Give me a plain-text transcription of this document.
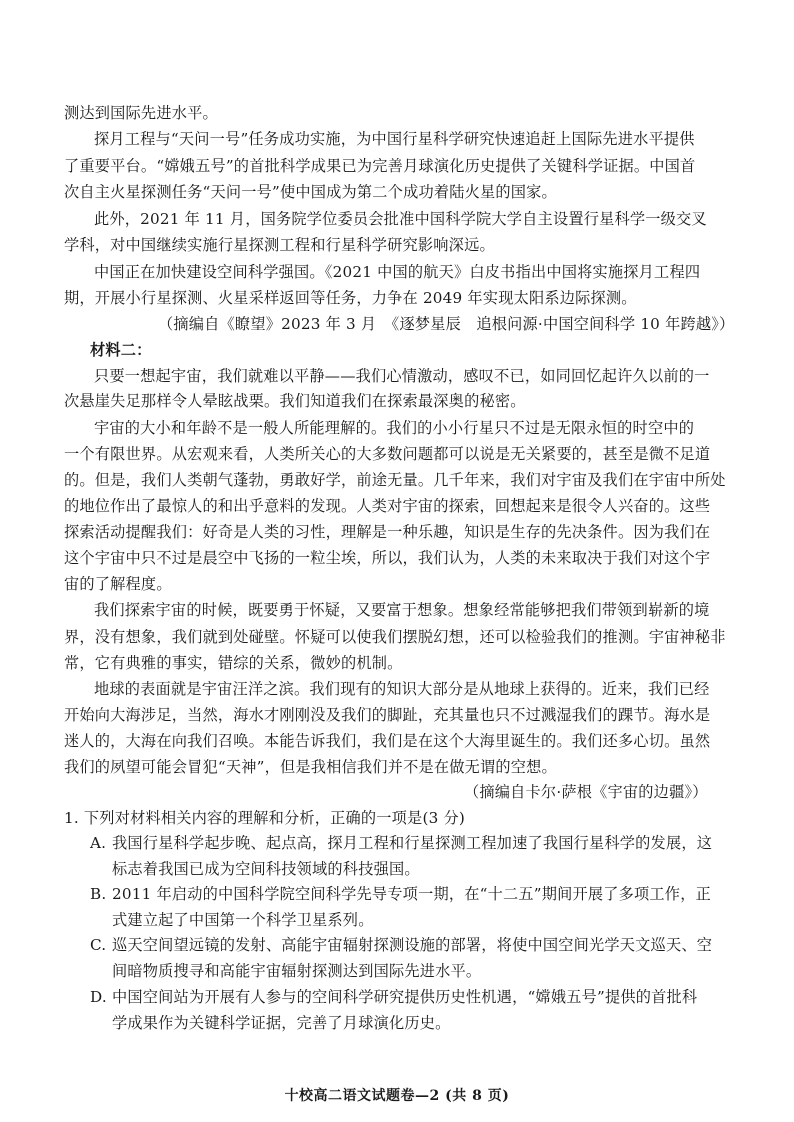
测达到国际先进水平。
探月工程与“天问一号”任务成功实施，为中国行星科学研究快速追赶上国际先进水平提供
了重要平台。“嫦娥五号”的首批科学成果已为完善月球演化历史提供了关键科学证据。中国首
次自主火星探测任务“天问一号”使中国成为第二个成功着陆火星的国家。
此外，2021 年 11 月，国务院学位委员会批准中国科学院大学自主设置行星科学一级交叉
学科，对中国继续实施行星探测工程和行星科学研究影响深远。
中国正在加快建设空间科学强国。《2021 中国的航天》白皮书指出中国将实施探月工程四
期，开展小行星探测、火星采样返回等任务，力争在 2049 年实现太阳系边际探测。
（摘编自《瞭望》2023 年 3 月　《逐梦星辰　追根问源·中国空间科学 10 年跨越》）
材料二：
只要一想起宇宙，我们就难以平静——我们心情激动，感叹不已，如同回忆起许久以前的一
次悬崖失足那样令人晕眩战栗。我们知道我们在探索最深奥的秘密。
宇宙的大小和年龄不是一般人所能理解的。我们的小小行星只不过是无限永恒的时空中的
一个有限世界。从宏观来看，人类所关心的大多数问题都可以说是无关紧要的，甚至是微不足道
的。但是，我们人类朝气蓬勃，勇敢好学，前途无量。几千年来，我们对宇宙及我们在宇宙中所处
的地位作出了最惊人的和出乎意料的发现。人类对宇宙的探索，回想起来是很令人兴奋的。这些
探索活动提醒我们：好奇是人类的习性，理解是一种乐趣，知识是生存的先决条件。因为我们在
这个宇宙中只不过是晨空中飞扬的一粒尘埃，所以，我们认为，人类的未来取决于我们对这个宇
宙的了解程度。
我们探索宇宙的时候，既要勇于怀疑，又要富于想象。想象经常能够把我们带领到崭新的境
界，没有想象，我们就到处碰壁。怀疑可以使我们摆脱幻想，还可以检验我们的推测。宇宙神秘非
常，它有典雅的事实，错综的关系，微妙的机制。
地球的表面就是宇宙汪洋之滨。我们现有的知识大部分是从地球上获得的。近来，我们已经
开始向大海涉足，当然，海水才刚刚没及我们的脚趾，充其量也只不过溅湿我们的踝节。海水是
迷人的，大海在向我们召唤。本能告诉我们，我们是在这个大海里诞生的。我们还多心切。虽然
我们的夙望可能会冒犯“天神”，但是我相信我们并不是在做无谓的空想。
（摘编自卡尔·萨根《宇宙的边疆》）
1. 下列对材料相关内容的理解和分析，正确的一项是(3 分)
A. 我国行星科学起步晚、起点高，探月工程和行星探测工程加速了我国行星科学的发展，这
标志着我国已成为空间科技领域的科技强国。
B. 2011 年启动的中国科学院空间科学先导专项一期，在“十二五”期间开展了多项工作，正
式建立起了中国第一个科学卫星系列。
C. 巡天空间望远镜的发射、高能宇宙辐射探测设施的部署，将使中国空间光学天文巡天、空
间暗物质搜寻和高能宇宙辐射探测达到国际先进水平。
D. 中国空间站为开展有人参与的空间科学研究提供历史性机遇，“嫦娥五号”提供的首批科
学成果作为关键科学证据，完善了月球演化历史。
十校高二语文试题卷—2 (共 8 页)
